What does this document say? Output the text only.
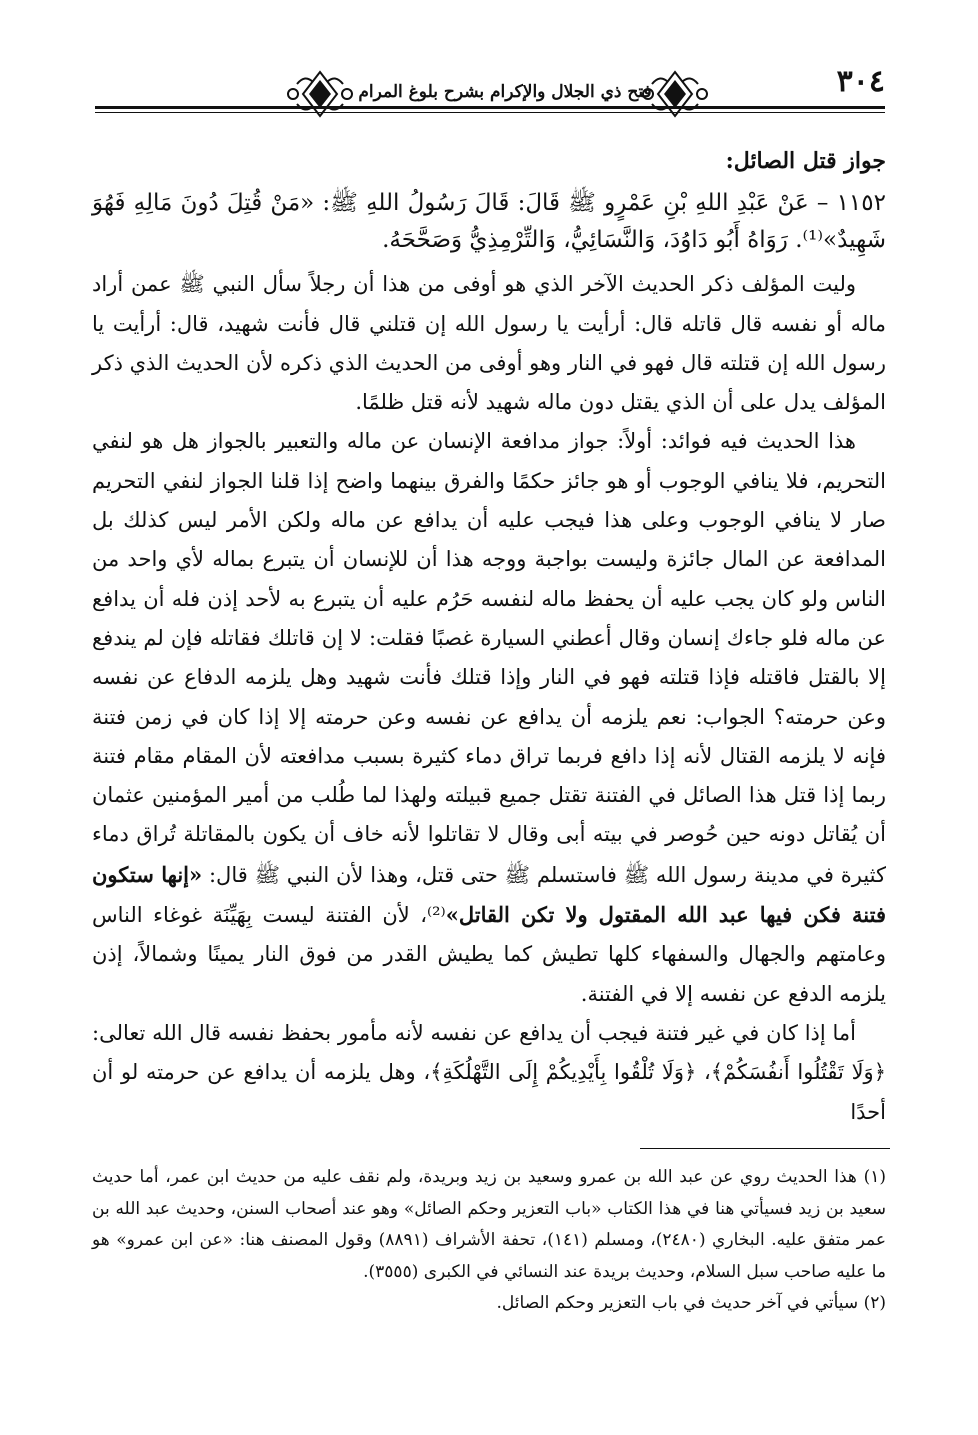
٣٠٤
فتح ذي الجلال والإكرام بشرح بلوغ المرام
جواز قتل الصائل:

١١٥٢ – عَنْ عَبْدِ اللهِ بْنِ عَمْرٍو ﷺ قَالَ: قَالَ رَسُولُ اللهِ ﷺ: «مَنْ قُتِلَ دُونَ مَالِهِ فَهُوَ شَهِيدٌ»⁽¹⁾. رَوَاهُ أَبُو دَاوُدَ، وَالنَّسَائِيُّ، وَالتِّرْمِذِيُّ وَصَحَّحَهُ.

وليت المؤلف ذكر الحديث الآخر الذي هو أوفى من هذا أن رجلاً سأل النبي ﷺ عمن أراد ماله أو نفسه قال قاتله قال: أرأيت يا رسول الله إن قتلني قال فأنت شهيد، قال: أرأيت يا رسول الله إن قتلته قال فهو في النار وهو أوفى من الحديث الذي ذكره لأن الحديث الذي ذكر المؤلف يدل على أن الذي يقتل دون ماله شهيد لأنه قتل ظلمًا.

هذا الحديث فيه فوائد: أولاً: جواز مدافعة الإنسان عن ماله والتعبير بالجواز هل هو لنفي التحريم، فلا ينافي الوجوب أو هو جائز حكمًا والفرق بينهما واضح إذا قلنا الجواز لنفي التحريم صار لا ينافي الوجوب وعلى هذا فيجب عليه أن يدافع عن ماله ولكن الأمر ليس كذلك بل المدافعة عن المال جائزة وليست بواجبة ووجه هذا أن للإنسان أن يتبرع بماله لأي واحد من الناس ولو كان يجب عليه أن يحفظ ماله لنفسه حَرُم عليه أن يتبرع به لأحد إذن فله أن يدافع عن ماله فلو جاءك إنسان وقال أعطني السيارة غصبًا فقلت: لا إن قاتلك فقاتله فإن لم يندفع إلا بالقتل فاقتله فإذا قتلته فهو في النار وإذا قتلك فأنت شهيد وهل يلزمه الدفاع عن نفسه وعن حرمته؟ الجواب: نعم يلزمه أن يدافع عن نفسه وعن حرمته إلا إذا كان في زمن فتنة فإنه لا يلزمه القتال لأنه إذا دافع فربما تراق دماء كثيرة بسبب مدافعته لأن المقام مقام فتنة ربما إذا قتل هذا الصائل في الفتنة تقتل جميع قبيلته ولهذا لما طُلب من أمير المؤمنين عثمان أن يُقاتل دونه حين حُوصر في بيته أبى وقال لا تقاتلوا لأنه خاف أن يكون بالمقاتلة تُراق دماء كثيرة في مدينة رسول الله ﷺ فاستسلم ﷺ حتى قتل، وهذا لأن النبي ﷺ قال: «إنها ستكون فتنة فكن فيها عبد الله المقتول ولا تكن القاتل»⁽²⁾، لأن الفتنة ليست بِهَيِّنَة غوغاء الناس وعامتهم والجهال والسفهاء كلها تطيش كما يطيش القدر من فوق النار يمينًا وشمالاً، إذن يلزمه الدفع عن نفسه إلا في الفتنة.

أما إذا كان في غير فتنة فيجب أن يدافع عن نفسه لأنه مأمور بحفظ نفسه قال الله تعالى: ﴿وَلَا تَقْتُلُوا أَنفُسَكُمْ﴾، ﴿وَلَا تُلْقُوا بِأَيْدِيكُمْ إِلَى التَّهْلُكَةِ﴾، وهل يلزمه أن يدافع عن حرمته لو أن أحدًا

(١) هذا الحديث روي عن عبد الله بن عمرو وسعيد بن زيد وبريدة، ولم نقف عليه من حديث ابن عمر، أما حديث سعيد بن زيد فسيأتي هنا في هذا الكتاب «باب التعزير وحكم الصائل» وهو عند أصحاب السنن، وحديث عبد الله بن عمر متفق عليه. البخاري (٢٤٨٠)، ومسلم (١٤١)، تحفة الأشراف (٨٨٩١) وقول المصنف هنا: «عن ابن عمرو» هو ما عليه صاحب سبل السلام، وحديث بريدة عند النسائي في الكبرى (٣٥٥٥).

(٢) سيأتي في آخر حديث في باب التعزير وحكم الصائل.
